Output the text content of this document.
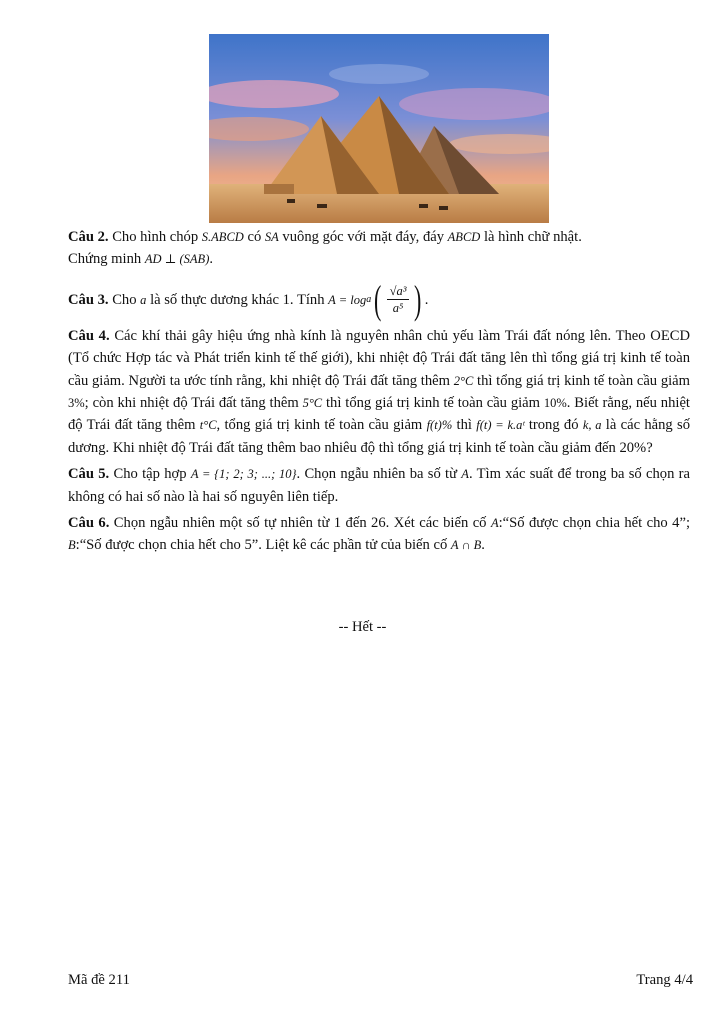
Câu 2. Cho hình chóp S.ABCD có SA vuông góc với mặt đáy, đáy ABCD là hình chữ nhật.
Chứng minh AD ⊥ (SAB).

Câu 3. Cho a là số thực dương khác 1. Tính A = log a ( $\frac{\text{√a³}}{\text{a⁵}}$ ) .

Câu 4. Các khí thải gây hiệu ứng nhà kính là nguyên nhân chủ yếu làm Trái đất nóng lên. Theo OECD (Tổ chức Hợp tác và Phát triển kinh tế thế giới), khi nhiệt độ Trái đất tăng lên thì tổng giá trị kinh tế toàn cầu giảm. Người ta ước tính rằng, khi nhiệt độ Trái đất tăng thêm 2°C thì tổng giá trị kinh tế toàn cầu giảm 3%; còn khi nhiệt độ Trái đất tăng thêm 5°C thì tổng giá trị kinh tế toàn cầu giảm 10%. Biết rằng, nếu nhiệt độ Trái đất tăng thêm t°C, tổng giá trị kinh tế toàn cầu giảm f(t)% thì f(t) = k.aᵗ trong đó k, a là các hằng số dương. Khi nhiệt độ Trái đất tăng thêm bao nhiêu độ thì tổng giá trị kinh tế toàn cầu giảm đến 20%?

Câu 5. Cho tập hợp A = {1; 2; 3; ...; 10}. Chọn ngẫu nhiên ba số từ A. Tìm xác suất để trong ba số chọn ra không có hai số nào là hai số nguyên liên tiếp.

Câu 6. Chọn ngẫu nhiên một số tự nhiên từ 1 đến 26. Xét các biến cố A:“Số được chọn chia hết cho 4”; B:“Số được chọn chia hết cho 5”. Liệt kê các phần tử của biến cố A ∩ B.

-- Hết --
Mã đề 211	Trang 4/4
